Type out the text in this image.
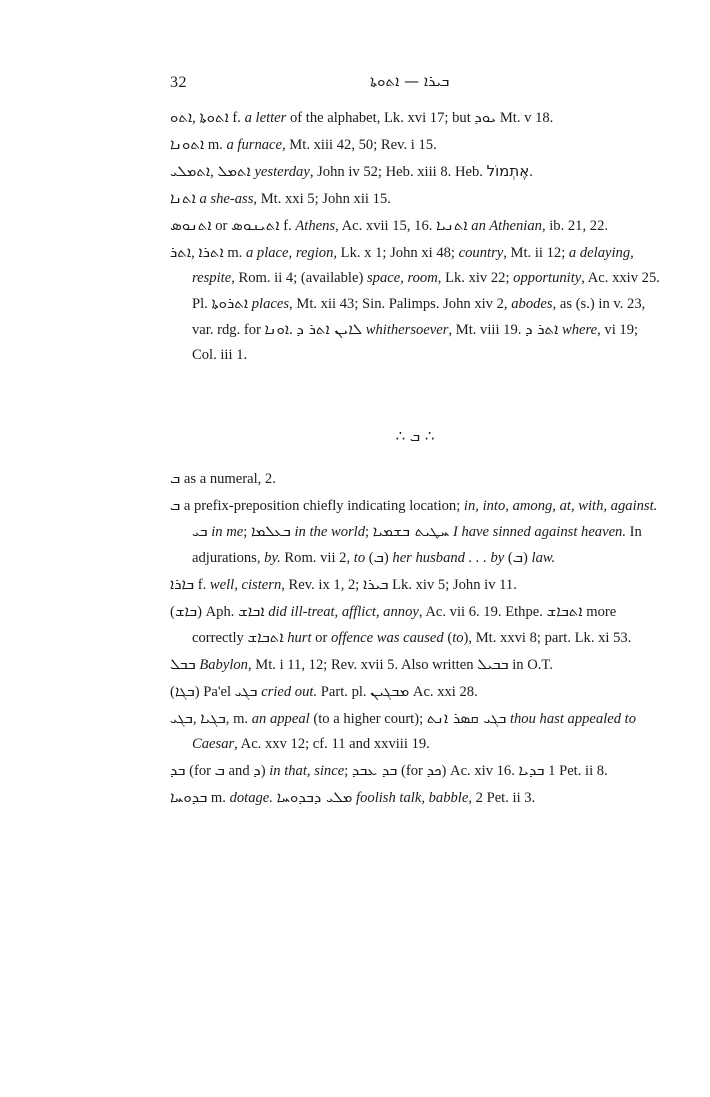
32	ܒܝܪܐ — ܐܬܘܬܐ

ܐܬܘ, ܐܬܘܬܐ f. a letter of the alphabet, Lk. xvi 17; but ܝܘܕ Mt. v 18.

ܐܬܘܢܐ m. a furnace, Mt. xiii 42, 50; Rev. i 15.

ܐܬܡܠܝ, ܐܬܡܠ yesterday, John iv 52; Heb. xiii 8. Heb. אֶתְמוֹל.

ܐܬܢܐ a she-ass, Mt. xxi 5; John xii 15.

ܐܬܢܘܣ or ܐܬܝܢܘܣ f. Athens, Ac. xvii 15, 16. ܐܬܢܝܐ an Athenian, ib. 21, 22.

ܐܬܪ, ܐܬܪܐ m. a place, region, Lk. x 1; John xi 48; country, Mt. ii 12; a delaying, respite, Rom. ii 4; (available) space, room, Lk. xiv 22; opportunity, Ac. xxiv 25. Pl. ܐܬܪܘܬܐ places, Mt. xii 43; Sin. Palimps. John xiv 2, abodes, as (s.) in v. 23, var. rdg. for ܐܘܢܐ. ܠܐܝܢ ܐܬܪ ܕ whithersoever, Mt. viii 19. ܐܬܪ ܕ where, vi 19; Col. iii 1.

∴ ܒ ∴

ܒ as a numeral, 2.

ܒ a prefix-preposition chiefly indicating location; in, into, among, at, with, against. ܒܝ in me; ܒܥܠܡܐ in the world; ܚܛܝܬ ܒܫܡܝܐ I have sinned against heaven. In adjurations, by. Rom. vii 2, to (ܒ) her husband . . . by (ܒ) law.

ܒܐܪܐ f. well, cistern, Rev. ix 1, 2; ܒܝܪܐ Lk. xiv 5; John iv 11.

(ܒܐܫ) Aph. ܐܒܐܫ did ill-treat, afflict, annoy, Ac. vii 6. 19. Ethpe. ܐܬܒܐܫ more correctly ܐܬܒܐܫ hurt or offence was caused (to), Mt. xxvi 8; part. Lk. xi 53.

ܒܒܠ Babylon, Mt. i 11, 12; Rev. xvii 5. Also written ܒܒܝܠ in O.T.

(ܒܓܐ) Pa'el ܒܓܝ cried out. Part. pl. ܡܒܓܝܢ Ac. xxi 28.

ܒܓܝ, ܒܓܝܐ, m. an appeal (to a higher court); ܒܓܝ ܩܣܪ ܐܢܬ thou hast appealed to Caesar, Ac. xxv 12; cf. 11 and xxviii 19.

ܒܕ (for ܒ and ܕ) in that, since; ܒܕ ܥܒܕ (for ܟܕ) Ac. xiv 16. ܒܕܝܐ 1 Pet. ii 8.

ܒܕܘܚܐ m. dotage. ܡܠܝ ܕܒܕܘܚܐ foolish talk, babble, 2 Pet. ii 3.
